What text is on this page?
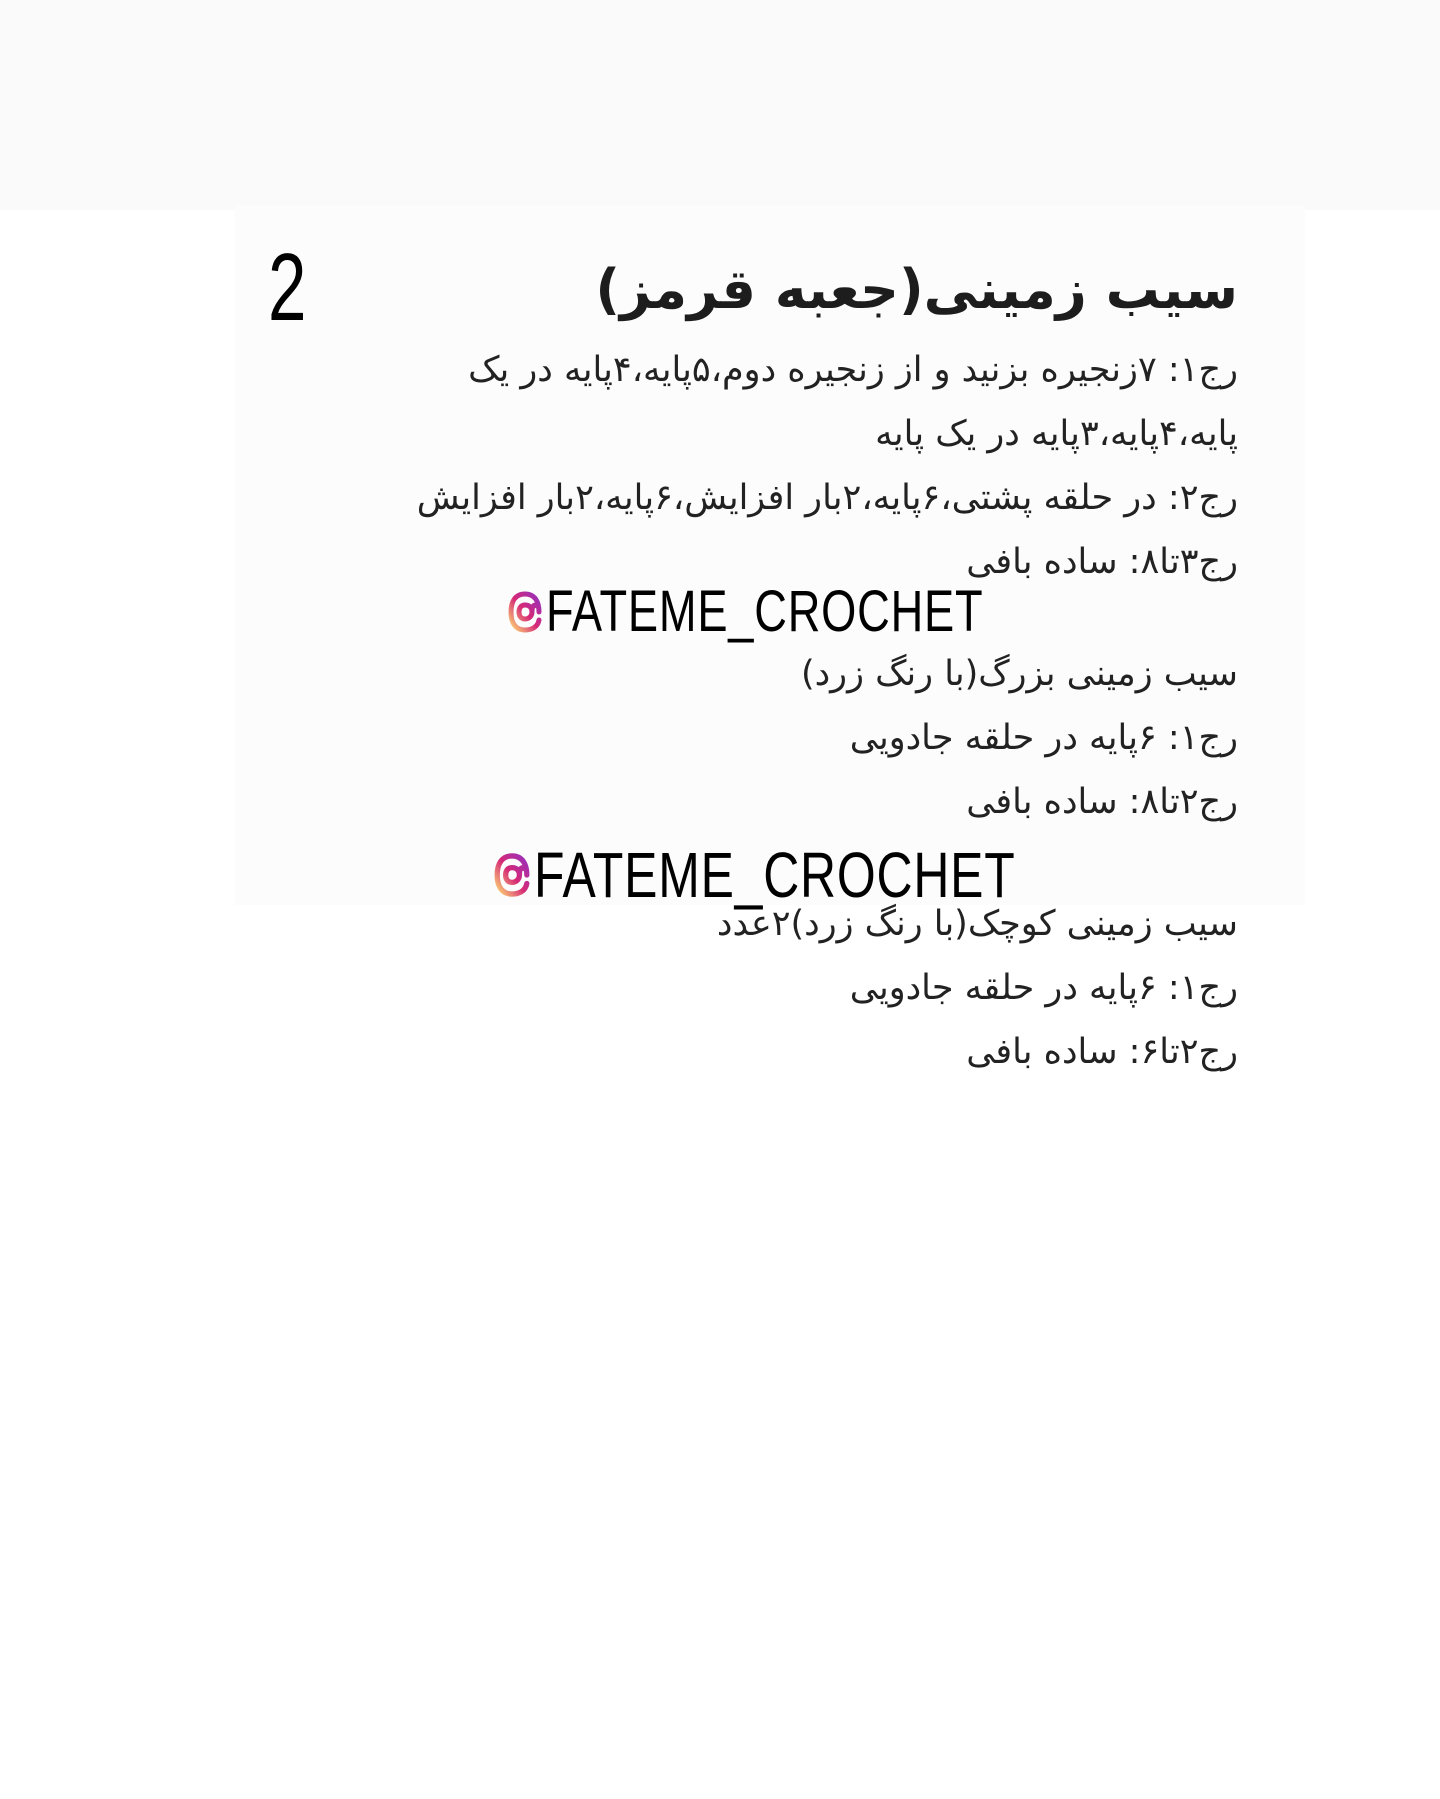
2	سیب زمینی(جعبه قرمز)

رج۱: ۷زنجیره بزنید و از زنجیره دوم،۵پایه،۴پایه در یک

پایه،۴پایه،۳پایه در یک پایه

رج۲: در حلقه پشتی،۶پایه،۲بار افزایش،۶پایه،۲بار افزایش

رج۳تا۸: ساده بافی

سیب زمینی بزرگ(با رنگ زرد)

رج۱: ۶پایه در حلقه جادویی

رج۲تا۸: ساده بافی

سیب زمینی کوچک(با رنگ زرد)۲عدد

رج۱: ۶پایه در حلقه جادویی

رج۲تا۶: ساده بافی

FATEME_CROCHET
FATEME_CROCHET
